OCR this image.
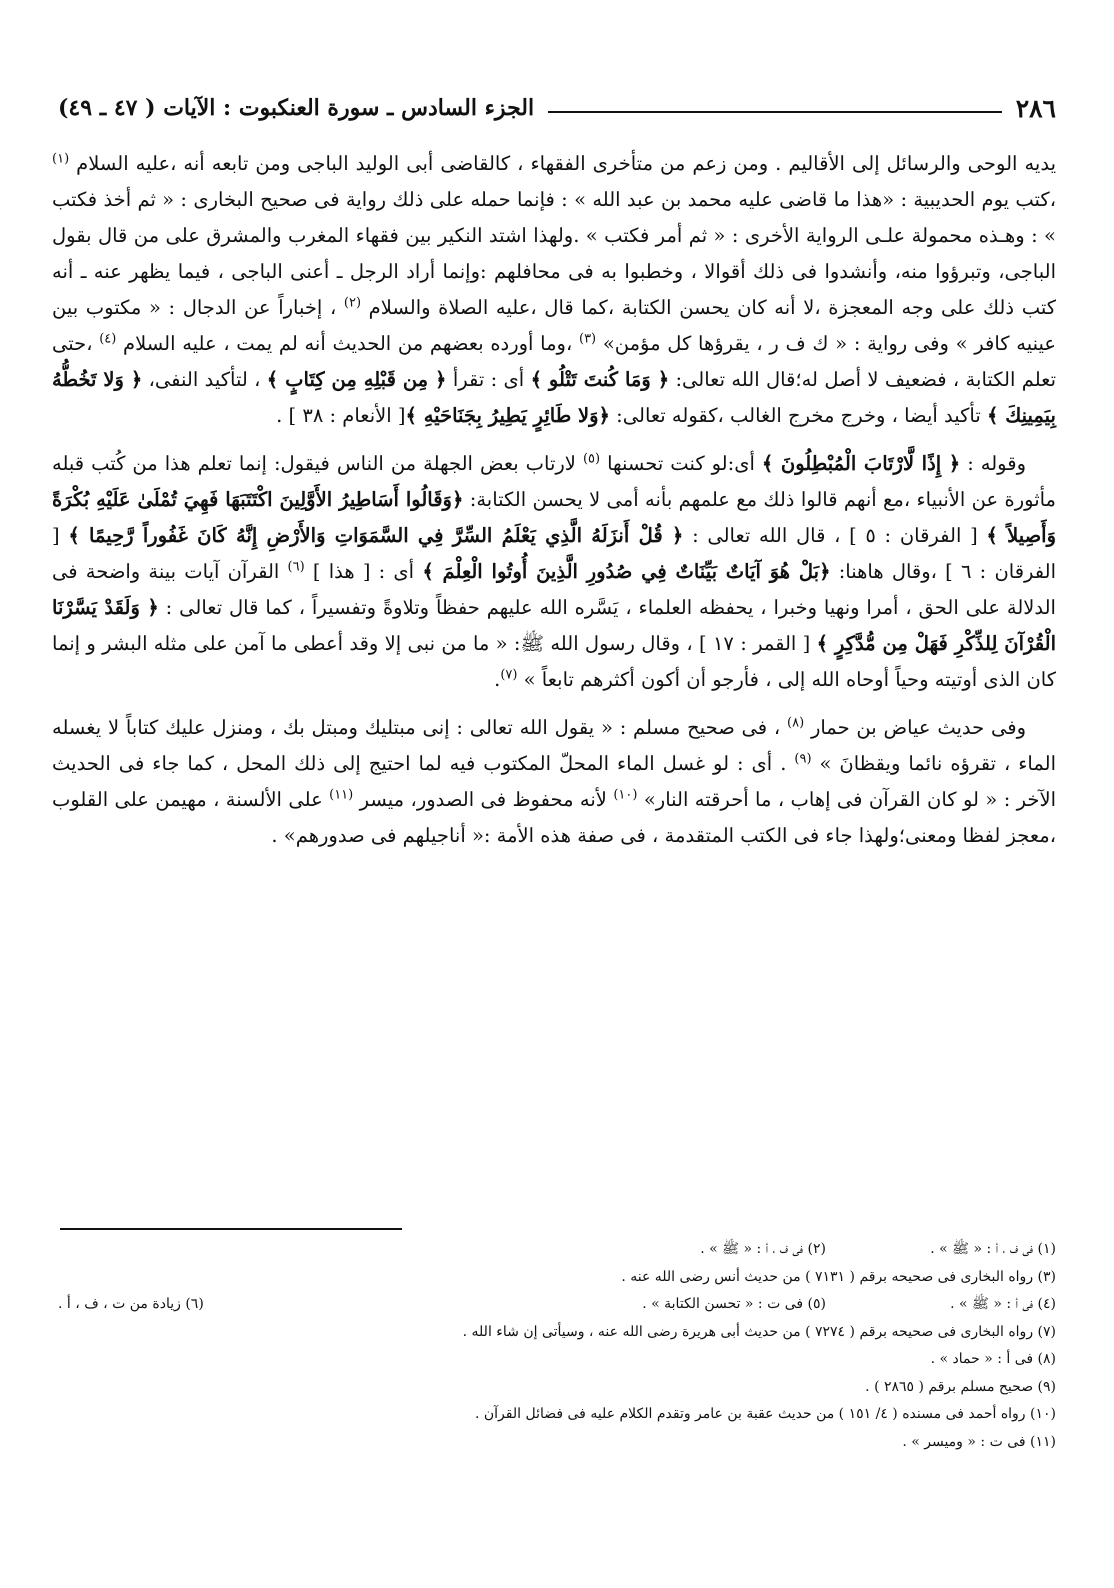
٢٨٦
الجزء السادس ـ سورة العنكبوت : الآيات ( ٤٧ ـ ٤٩)

يديه الوحى والرسائل إلى الأقاليم . ومن زعم من متأخرى الفقهاء ، كالقاضى أبى الوليد الباجى ومن تابعه أنه ،عليه السلام $^{(١)}$ ،كتب يوم الحديبية : «هذا ما قاضى عليه محمد بن عبد الله » : فإنما حمله على ذلك رواية فى صحيح البخارى : « ثم أخذ فكتب » : وهـذه محمولة علـى الرواية الأخرى : « ثم أمر فكتب » .ولهذا اشتد النكير بين فقهاء المغرب والمشرق على من قال بقول الباجى، وتبرؤوا منه، وأنشدوا فى ذلك أقوالا ، وخطبوا به فى محافلهم :وإنما أراد الرجل ـ أعنى الباجى ، فيما يظهر عنه ـ أنه كتب ذلك على وجه المعجزة ،لا أنه كان يحسن الكتابة ،كما قال ،عليه الصلاة والسلام $^{(٢)}$ ، إخباراً عن الدجال : « مكتوب بين عينيه كافر » وفى رواية : « ك ف ر ، يقرؤها كل مؤمن» $^{(٣)}$ ،وما أورده بعضهم من الحديث أنه لم يمت ، عليه السلام $^{(٤)}$ ،حتى تعلم الكتابة ، فضعيف لا أصل له؛قال الله تعالى: ﴿ وَمَا كُنتَ تَتْلُو ﴾ أى : تقرأ ﴿ مِن قَبْلِهِ مِن كِتَابٍ ﴾ ، لتأكيد النفى، ﴿ وَلا تَخُطُّهُ بِيَمِينِكَ ﴾ تأكيد أيضا ، وخرج مخرج الغالب ،كقوله تعالى: ﴿وَلا طَائِرٍ يَطِيرُ بِجَنَاحَيْهِ ﴾[ الأنعام : ٣٨ ] .

وقوله : ﴿ إِذًا لَّارْتَابَ الْمُبْطِلُونَ ﴾ أى:لو كنت تحسنها $^{(٥)}$ لارتاب بعض الجهلة من الناس فيقول: إنما تعلم هذا من كُتب قبله مأثورة عن الأنبياء ،مع أنهم قالوا ذلك مع علمهم بأنه أمى لا يحسن الكتابة: ﴿وَقَالُوا أَسَاطِيرُ الأَوَّلِينَ اكْتَتَبَهَا فَهِيَ تُمْلَىٰ عَلَيْهِ بُكْرَةً وَأَصِيلاً ﴾ [ الفرقان : ٥ ] ، قال الله تعالى : ﴿ قُلْ أَنزَلَهُ الَّذِي يَعْلَمُ السِّرَّ فِي السَّمَوَاتِ وَالأَرْضِ إِنَّهُ كَانَ غَفُوراً رَّحِيمًا ﴾ [ الفرقان : ٦ ] ،وقال هاهنا: ﴿بَلْ هُوَ آيَاتٌ بَيِّنَاتٌ فِي صُدُورِ الَّذِينَ أُوتُوا الْعِلْمَ ﴾ أى : [ هذا ] $^{(٦)}$ القرآن آيات بينة واضحة فى الدلالة على الحق ، أمرا ونهيا وخبرا ، يحفظه العلماء ، يَسَّره الله عليهم حفظاً وتلاوةً وتفسيراً ، كما قال تعالى : ﴿ وَلَقَدْ يَسَّرْنَا الْقُرْآنَ لِلذِّكْرِ فَهَلْ مِن مُّدَّكِرٍ ﴾ [ القمر : ١٧ ] ، وقال رسول الله ﷺ: « ما من نبى إلا وقد أعطى ما آمن على مثله البشر و إنما كان الذى أوتيته وحياً أوحاه الله إلى ، فأرجو أن أكون أكثرهم تابعاً » $^{(٧)}$.

وفى حديث عياض بن حمار $^{(٨)}$ ، فى صحيح مسلم : « يقول الله تعالى : إنى مبتليك ومبتل بك ، ومنزل عليك كتاباً لا يغسله الماء ، تقرؤه نائما ويقظانَ » $^{(٩)}$ . أى : لو غسل الماء المحلّ المكتوب فيه لما احتيج إلى ذلك المحل ، كما جاء فى الحديث الآخر : « لو كان القرآن فى إهاب ، ما أحرقته النار» $^{(١٠)}$ لأنه محفوظ فى الصدور، ميسر $^{(١١)}$ على الألسنة ، مهيمن على القلوب ،معجز لفظا ومعنى؛ولهذا جاء فى الكتب المتقدمة ، فى صفة هذه الأمة :« أناجيلهم فى صدورهم» .

(١) فى ف ، أ : « ﷺ » .
(٢) فى ف ، أ : « ﷺ » .
(٣) رواه البخارى فى صحيحه برقم ( ٧١٣١ ) من حديث أنس رضى الله عنه .
(٤) فى أ : « ﷺ » .
(٥) فى ت : « تحسن الكتابة » .
(٦) زيادة من ت ، ف ، أ .
(٧) رواه البخارى فى صحيحه برقم ( ٧٢٧٤ ) من حديث أبى هريرة رضى الله عنه ، وسيأتى إن شاء الله .
(٨) فى أ : « حماد » .
(٩) صحيح مسلم برقم ( ٢٨٦٥ ) .
(١٠) رواه أحمد فى مسنده ( ٤/ ١٥١ ) من حديث عقبة بن عامر وتقدم الكلام عليه فى فضائل القرآن .
(١١) فى ت : « وميسر » .
